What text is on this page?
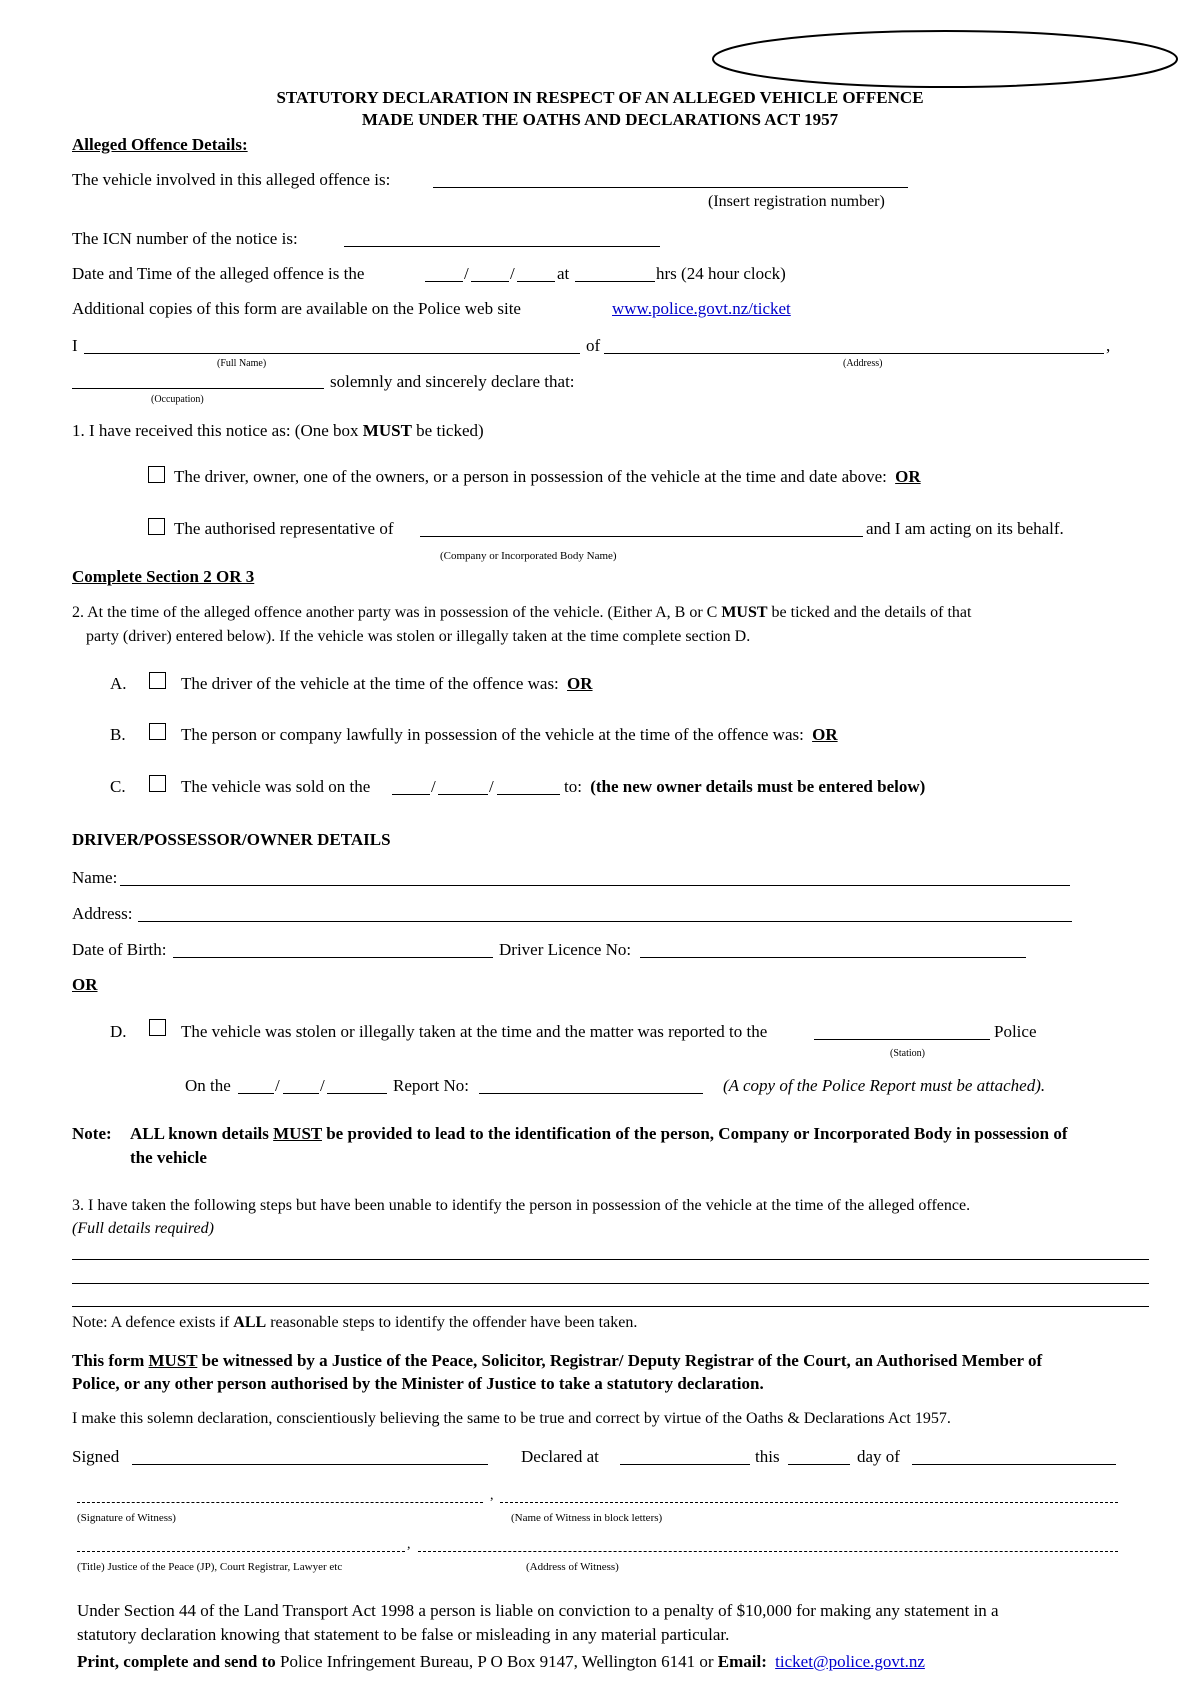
STATUTORY DECLARATION IN RESPECT OF AN ALLEGED VEHICLE OFFENCE
MADE UNDER THE OATHS AND DECLARATIONS ACT 1957
Alleged Offence Details:
The vehicle involved in this alleged offence is:
(Insert registration number)
The ICN number of the notice is:
Date and Time of the alleged offence is the	/ / at	hrs (24 hour clock)
Additional copies of this form are available on the Police web site	www.police.govt.nz/ticket
I	of	,
(Full Name)	(Address)
solemnly and sincerely declare that:
(Occupation)
1. I have received this notice as: (One box MUST be ticked)
The driver, owner, one of the owners, or a person in possession of the vehicle at the time and date above: OR
The authorised representative of	and I am acting on its behalf.
(Company or Incorporated Body Name)
Complete Section 2 OR 3
2. At the time of the alleged offence another party was in possession of the vehicle. (Either A, B or C MUST be ticked and the details of that
party (driver) entered below). If the vehicle was stolen or illegally taken at the time complete section D.
A.	The driver of the vehicle at the time of the offence was: OR
B.	The person or company lawfully in possession of the vehicle at the time of the offence was: OR
C.	The vehicle was sold on the	/	/	to: (the new owner details must be entered below)
DRIVER/POSSESSOR/OWNER DETAILS
Name:
Address:
Date of Birth:	Driver Licence No:
OR
D.	The vehicle was stolen or illegally taken at the time and the matter was reported to the	Police
(Station)
On the	/ /	Report No:	(A copy of the Police Report must be attached).
Note: ALL known details MUST be provided to lead to the identification of the person, Company or Incorporated Body in possession of
the vehicle
3. I have taken the following steps but have been unable to identify the person in possession of the vehicle at the time of the alleged offence.
(Full details required)
Note: A defence exists if ALL reasonable steps to identify the offender have been taken.
This form MUST be witnessed by a Justice of the Peace, Solicitor, Registrar/ Deputy Registrar of the Court, an Authorised Member of
Police, or any other person authorised by the Minister of Justice to take a statutory declaration.
I make this solemn declaration, conscientiously believing the same to be true and correct by virtue of the Oaths & Declarations Act 1957.
Signed	Declared at	this	day of
,
(Signature of Witness)	(Name of Witness in block letters)
,
(Title) Justice of the Peace (JP), Court Registrar, Lawyer etc	(Address of Witness)
Under Section 44 of the Land Transport Act 1998 a person is liable on conviction to a penalty of $10,000 for making any statement in a
statutory declaration knowing that statement to be false or misleading in any material particular.
Print, complete and send to Police Infringement Bureau, P O Box 9147, Wellington 6141 or Email: ticket@police.govt.nz
